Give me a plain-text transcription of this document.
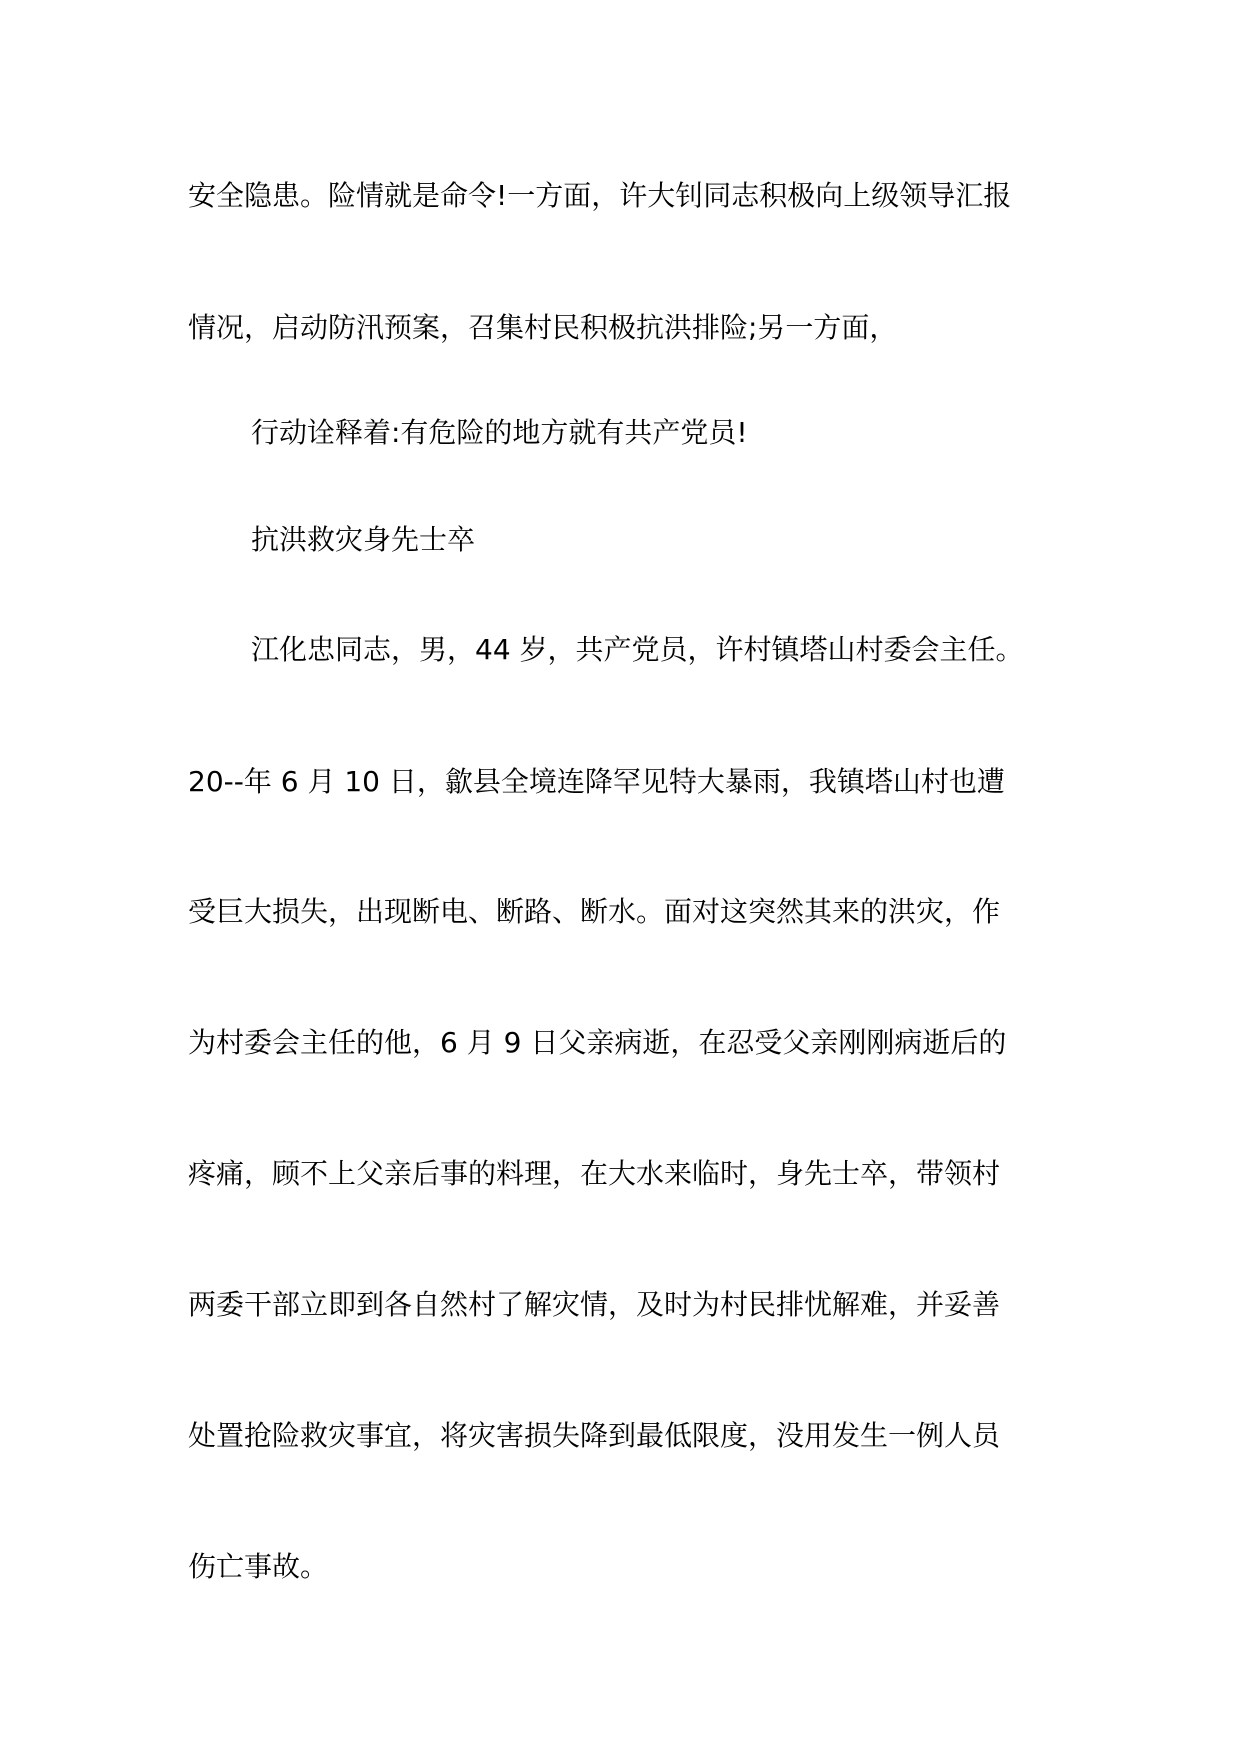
安全隐患。险情就是命令!一方面，许大钊同志积极向上级领导汇报

情况，启动防汛预案，召集村民积极抗洪排险;另一方面，

行动诠释着:有危险的地方就有共产党员!

抗洪救灾身先士卒

江化忠同志，男，44 岁，共产党员，许村镇塔山村委会主任。

20--年 6 月 10 日，歙县全境连降罕见特大暴雨，我镇塔山村也遭

受巨大损失，出现断电、断路、断水。面对这突然其来的洪灾，作

为村委会主任的他，6 月 9 日父亲病逝，在忍受父亲刚刚病逝后的

疼痛，顾不上父亲后事的料理，在大水来临时，身先士卒，带领村

两委干部立即到各自然村了解灾情，及时为村民排忧解难，并妥善

处置抢险救灾事宜，将灾害损失降到最低限度，没用发生一例人员

伤亡事故。
